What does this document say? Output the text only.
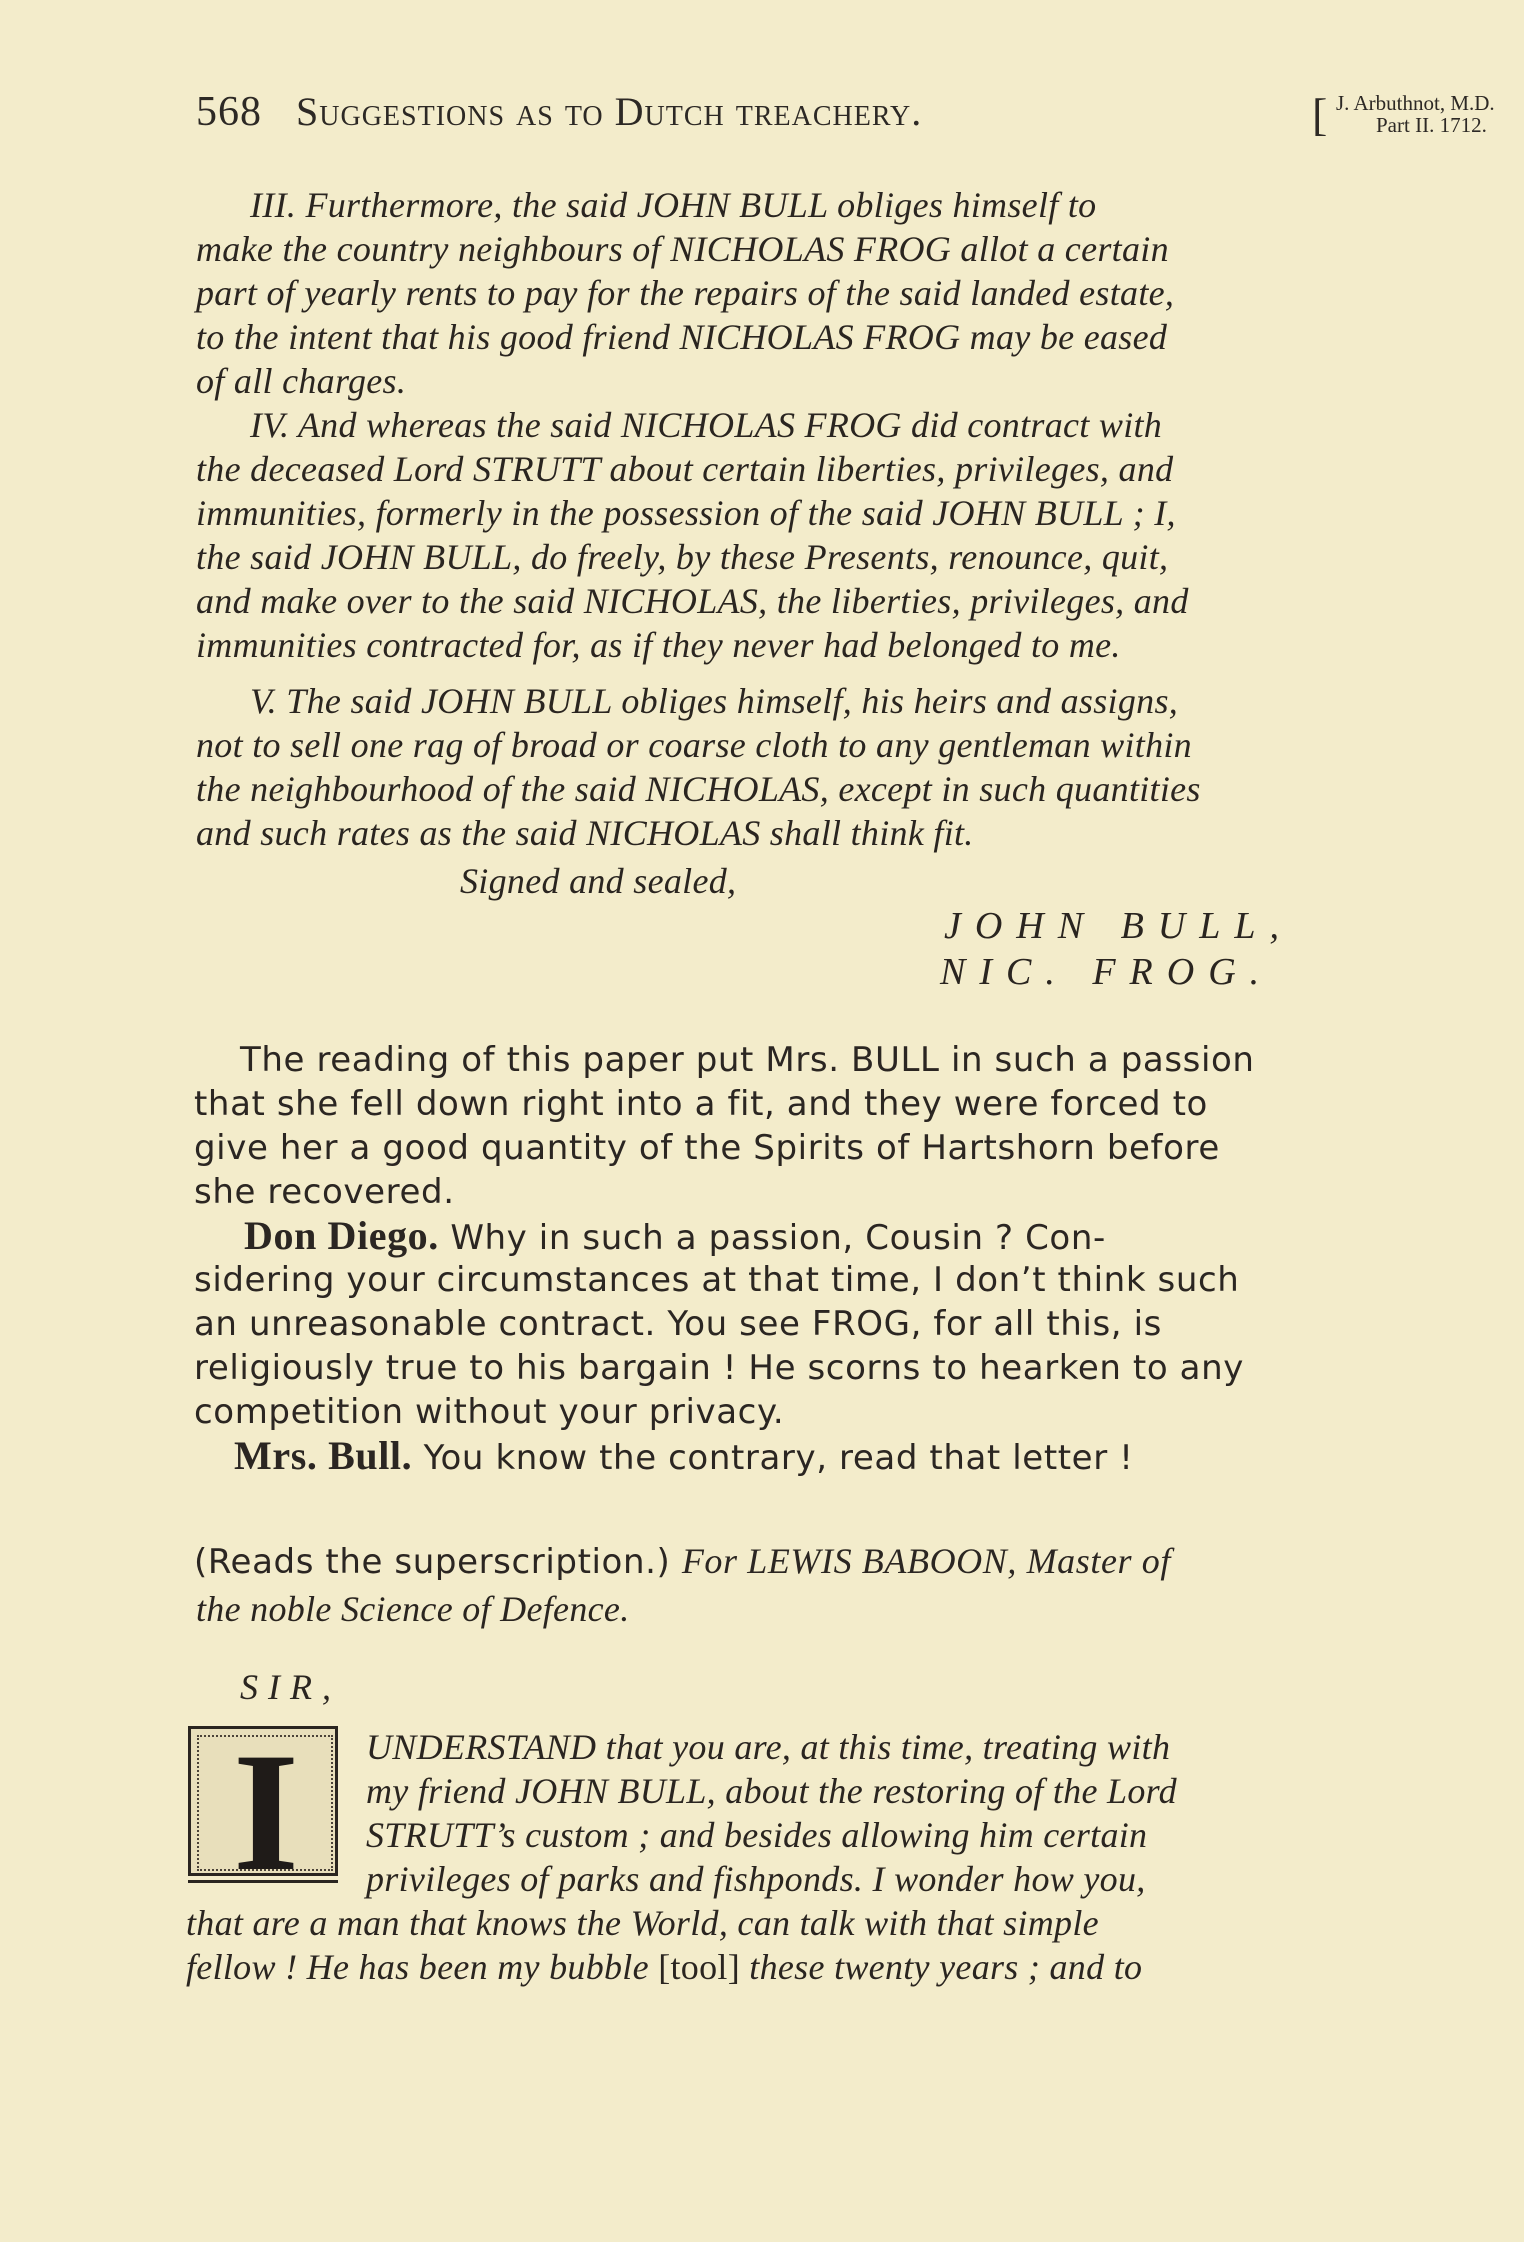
568 Suggestions as to Dutch treachery.	[ J. Arbuthnot, M.D.
Part II. 1712.
III. Furthermore, the said JOHN BULL obliges himself to
make the country neighbours of NICHOLAS FROG allot a certain
part of yearly rents to pay for the repairs of the said landed estate,
to the intent that his good friend NICHOLAS FROG may be eased
of all charges.
IV. And whereas the said NICHOLAS FROG did contract with
the deceased Lord STRUTT about certain liberties, privileges, and
immunities, formerly in the possession of the said JOHN BULL ; I,
the said JOHN BULL, do freely, by these Presents, renounce, quit,
and make over to the said NICHOLAS, the liberties, privileges, and
immunities contracted for, as if they never had belonged to me.
V. The said JOHN BULL obliges himself, his heirs and assigns,
not to sell one rag of broad or coarse cloth to any gentleman within
the neighbourhood of the said NICHOLAS, except in such quantities
and such rates as the said NICHOLAS shall think fit.
Signed and sealed,
JOHN BULL,
NIC. FROG.
The reading of this paper put Mrs. BULL in such a passion
that she fell down right into a fit, and they were forced to
give her a good quantity of the Spirits of Hartshorn before
she recovered.
Don Diego. Why in such a passion, Cousin ? Con-
sidering your circumstances at that time, I don’t think such
an unreasonable contract. You see FROG, for all this, is
religiously true to his bargain ! He scorns to hearken to any
competition without your privacy.
Mrs. Bull. You know the contrary, read that letter !
(Reads the superscription.) For LEWIS BABOON, Master of
the noble Science of Defence.
SIR,
I	UNDERSTAND that you are, at this time, treating with
my friend JOHN BULL, about the restoring of the Lord
STRUTT’s custom ; and besides allowing him certain
privileges of parks and fishponds. I wonder how you,
that are a man that knows the World, can talk with that simple
fellow ! He has been my bubble [tool] these twenty years ; and to
